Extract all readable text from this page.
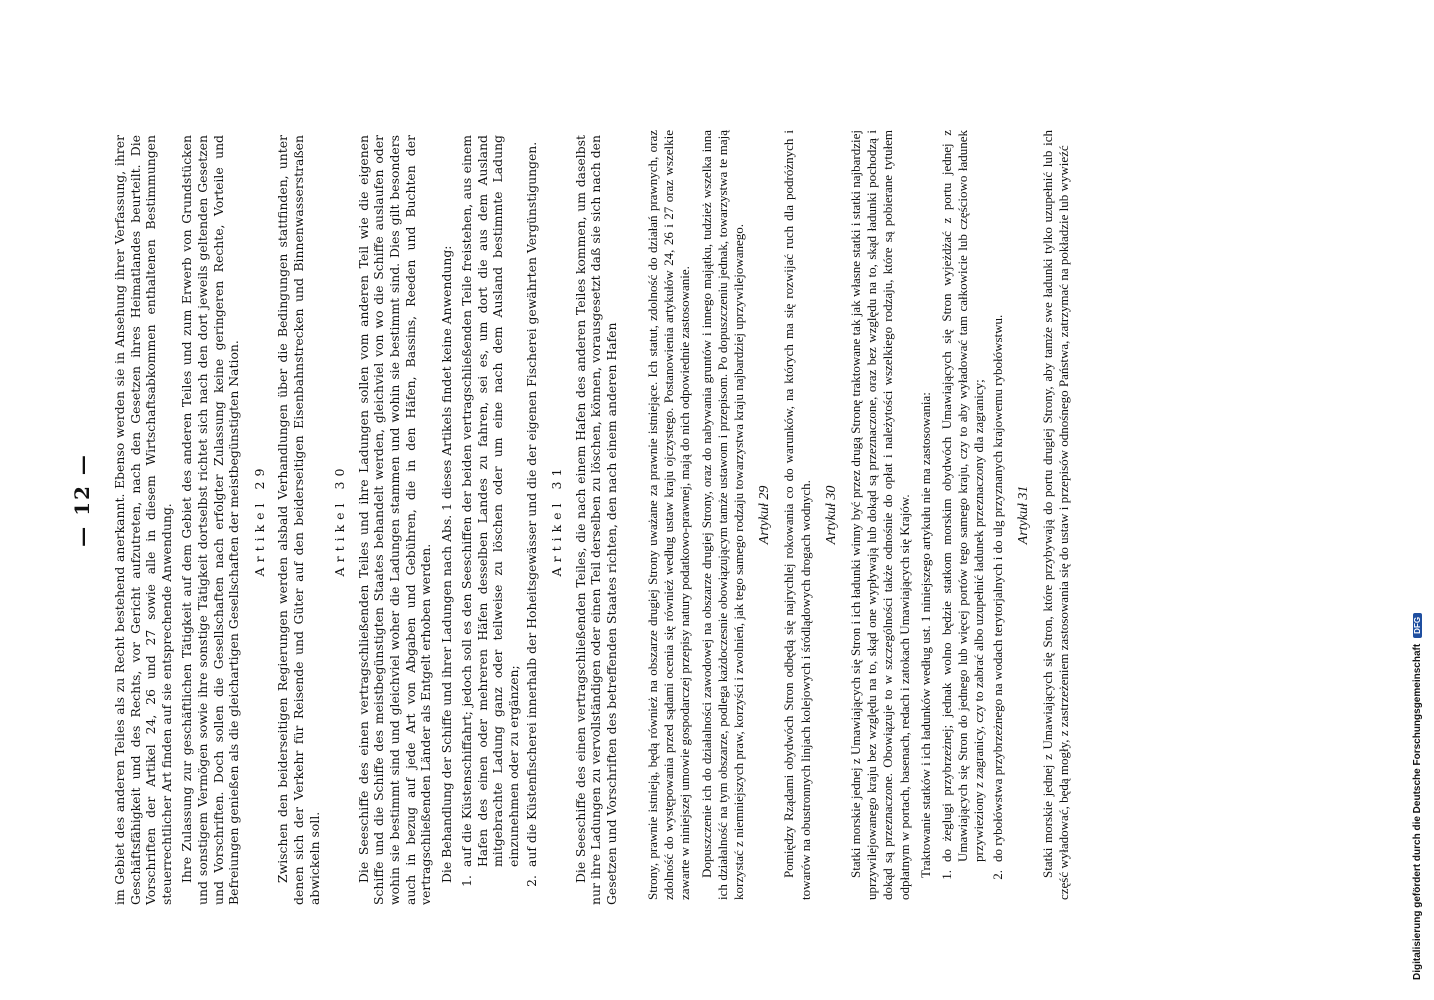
— 12 — im Gebiet des anderen Teiles als zu Recht bestehend anerkannt. Ebenso werden sie in Ansehung ihrer Verfassung, ihrer Geschäftsfähigkeit und des Rechts, vor Gericht aufzutreten, nach den Gesetzen ihres Heimatlandes beurteilt. Die Vorschriften der Artikel 24, 26 und 27 sowie alle in diesem Wirtschaftsabkommen enthaltenen Bestimmungen steuerrechtlicher Art finden auf sie entsprechende Anwendung. Ihre Zulassung zur geschäftlichen Tätigkeit auf dem Gebiet des anderen Teiles und zum Erwerb von Grundstücken und sonstigem Vermögen sowie ihre sonstige Tätigkeit dortselbst richtet sich nach den dort jeweils geltenden Gesetzen und Vorschriften. Doch sollen die Gesellschaften nach erfolgter Zulassung keine geringeren Rechte, Vorteile und Befreiungen genießen als die gleichartigen Gesellschaften der meistbegünstigten Nation. Artikel 29 Zwischen den beiderseitigen Regierungen werden alsbald Verhandlungen über die Bedingungen stattfinden, unter denen sich der Verkehr für Reisende und Güter auf den beiderseitigen Eisenbahnstrecken und Binnenwasserstraßen abwickeln soll.

Artikel 30 Die Seeschiffe des einen vertragschließenden Teiles und ihre Ladungen sollen vom anderen Teil wie die eigenen Schiffe und die Schiffe des meistbegünstigten Staates behandelt werden, gleichviel von wo die Schiffe auslaufen oder wohin sie bestimmt sind und gleichviel woher die Ladungen stammen und wohin sie bestimmt sind. Dies gilt besonders auch in bezug auf jede Art von Abgaben und Gebühren, die in den Häfen, Bassins, Reeden und Buchten der vertragschließenden Länder als Entgelt erhoben werden. Die Behandlung der Schiffe und ihrer Ladungen nach Abs. 1 dieses Artikels findet keine Anwendung: 1.
auf die Küstenschiffahrt; jedoch soll es den Seeschiffen der beiden vertragschließenden Teile freistehen, aus einem Hafen des einen oder mehreren Häfen desselben Landes zu fahren, sei es, um dort die aus dem Ausland mitgebrachte Ladung ganz oder teilweise zu löschen oder um eine nach dem Ausland bestimmte Ladung einzunehmen oder zu ergänzen;
2.
auf die Küstenfischerei innerhalb der Hoheitsgewässer und die der eigenen Fischerei gewährten Vergünstigungen. Artikel 31 Die Seeschiffe des einen vertragschließenden Teiles, die nach einem Hafen des anderen Teiles kommen, um daselbst nur ihre Ladungen zu vervollständigen oder einen Teil derselben zu löschen, können, vorausgesetzt daß sie sich nach den Gesetzen und Vorschriften des betreffenden Staates richten, den nach einem anderen Hafen Strony, prawnie istnieją, będą również na obszarze drugiej Strony uważane za prawnie istniejące. Ich statut, zdolność do działań prawnych, oraz zdolność do występowania przed sądami ocenia się również według ustaw kraju ojczystego. Postanowienia artykułów 24, 26 i 27 oraz wszelkie zawarte w niniejszej umowie gospodarczej przepisy natury podatkowo-prawnej, mają do nich odpowiednie zastosowanie. Dopuszczenie ich do działalności zawodowej na obszarze drugiej Strony, oraz do nabywania gruntów i innego majątku, tudzież wszelka inna ich działalność na tym obszarze, podlega każdoczesnie obowiązującym tamże ustawom i przepisom. Po dopuszczeniu jednak, towarzystwa te mają korzystać z niemniejszych praw, korzyści i zwolnień, jak tego samego rodzaju towarzystwa kraju najbardziej uprzywilejowanego. Artykuł 29 Pomiędzy Rządami obydwóch Stron odbędą się najrychlej rokowania co do warunków, na których ma się rozwijać ruch dla podróżnych i towarów na obustronnych linjach kolejowych i śródlądowych drogach wodnych. Artykuł 30 Statki morskie jednej z Umawiających się Stron i ich ładunki winny być przez drugą Stronę traktowane tak jak własne statki i statki najbardziej uprzywilejowanego kraju bez względu na to, skąd one wypływają lub dokąd są przeznaczone, oraz bez względu na to, skąd ładunki pochodzą i dokąd są przeznaczone. Obowiązuje to w szczególności także odnośnie do opłat i należytości wszelkiego rodzaju, które są pobierane tytułem odpłatnym w portach, basenach, redach i zatokach Umawiających się Krajów. Traktowanie statków i ich ładunków według ust. 1 niniejszego artykułu nie ma zastosowania: 1.
do żeglugi przybrzeżnej; jednak wolno będzie statkom morskim obydwóch Umawiających się Stron wyjeżdżać z portu jednej z Umawiających się Stron do jednego lub więcej portów tego samego kraju, czy to aby wyładować tam całkowicie lub częściowo ładunek przywieziony z zagranicy, czy to zabrać albo uzupełnić ładunek przeznaczony dla zagranicy;
2.
do rybołówstwa przybrzeżnego na wodach terytorjalnych i do ulg przyznanych krajowemu rybołówstwu. Artykuł 31 Statki morskie jednej z Umawiających się Stron, które przybywają do portu drugiej Strony, aby tamże swe ładunki tylko uzupełnić lub ich część wyładować, będą mogły, z zastrzeżeniem zastosowania się do ustaw i przepisów odnośnego Państwa, zatrzymać na pokładzie lub wywieźć	Digitalisierung gefördert durch die Deutsche Forschungsgemeinschaft
DFG
